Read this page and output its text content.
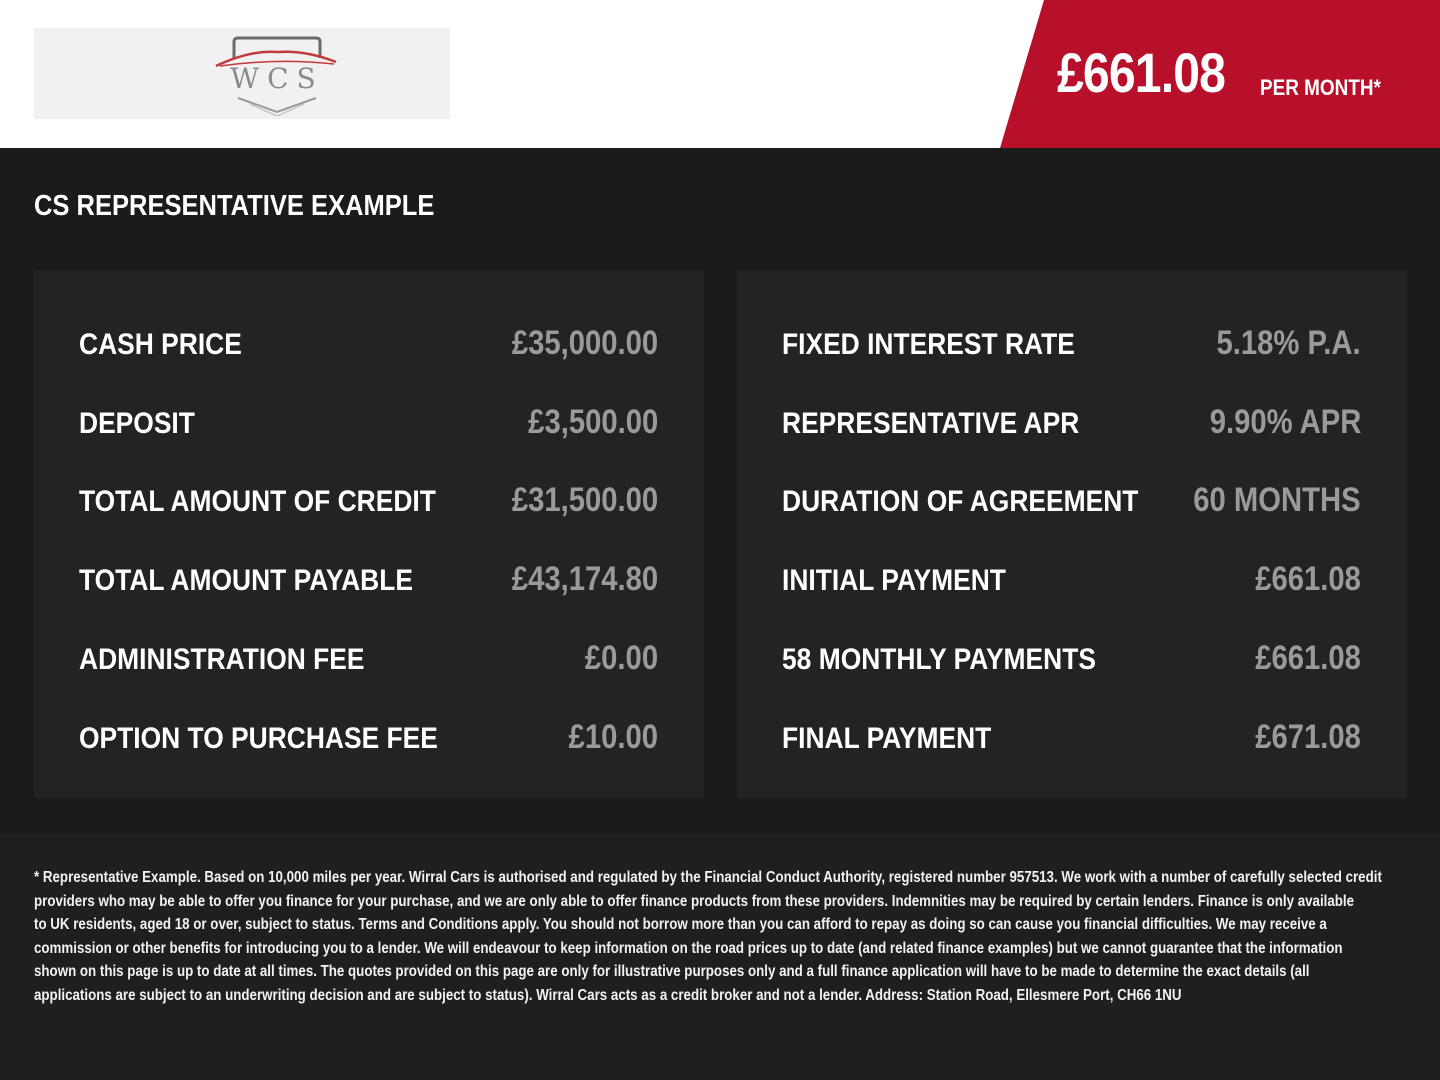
WCS	£661.08 PER MONTH*
CS REPRESENTATIVE EXAMPLE
CASH PRICE	£35,000.00
DEPOSIT	£3,500.00
TOTAL AMOUNT OF CREDIT £31,500.00
TOTAL AMOUNT PAYABLE	£43,174.80
ADMINISTRATION FEE	£0.00
OPTION TO PURCHASE FEE	£10.00
FIXED INTEREST RATE	5.18% P.A.
REPRESENTATIVE APR	9.90% APR
DURATION OF AGREEMENT 60 MONTHS
INITIAL PAYMENT	£661.08
58 MONTHLY PAYMENTS	£661.08
FINAL PAYMENT	£671.08
* Representative Example. Based on 10,000 miles per year. Wirral Cars is authorised and regulated by the Financial Conduct Authority, registered number 957513. We work with a number of carefully selected credit
providers who may be able to offer you finance for your purchase, and we are only able to offer finance products from these providers. Indemnities may be required by certain lenders. Finance is only available
to UK residents, aged 18 or over, subject to status. Terms and Conditions apply. You should not borrow more than you can afford to repay as doing so can cause you financial difficulties. We may receive a
commission or other benefits for introducing you to a lender. We will endeavour to keep information on the road prices up to date (and related finance examples) but we cannot guarantee that the information
shown on this page is up to date at all times. The quotes provided on this page are only for illustrative purposes only and a full finance application will have to be made to determine the exact details (all
applications are subject to an underwriting decision and are subject to status). Wirral Cars acts as a credit broker and not a lender. Address: Station Road, Ellesmere Port, CH66 1NU
